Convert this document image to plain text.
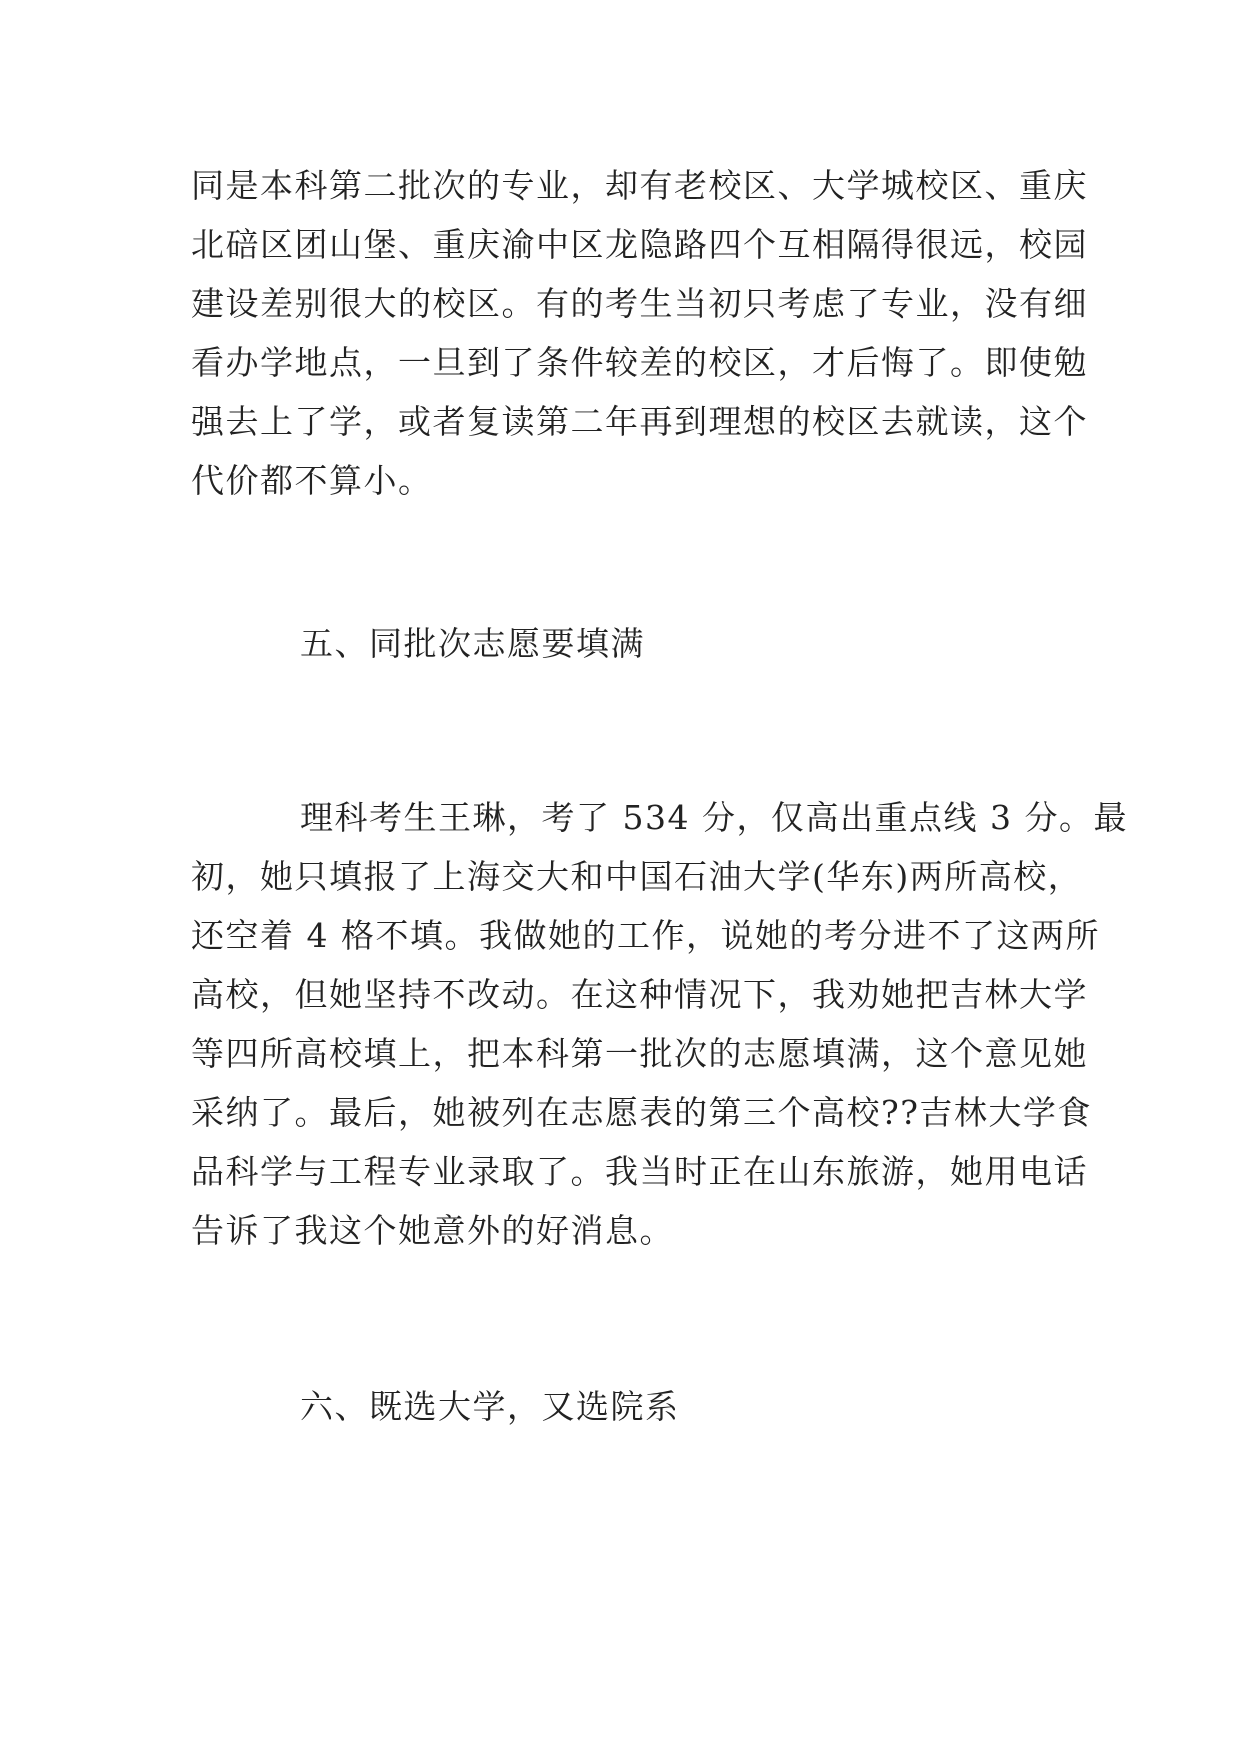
同是本科第二批次的专业，却有老校区、大学城校区、重庆
北碚区团山堡、重庆渝中区龙隐路四个互相隔得很远，校园
建设差别很大的校区。有的考生当初只考虑了专业，没有细
看办学地点，一旦到了条件较差的校区，才后悔了。即使勉
强去上了学，或者复读第二年再到理想的校区去就读，这个
代价都不算小。

五、同批次志愿要填满

理科考生王琳，考了 534 分，仅高出重点线 3 分。最
初，她只填报了上海交大和中国石油大学(华东)两所高校，
还空着 4 格不填。我做她的工作，说她的考分进不了这两所
高校，但她坚持不改动。在这种情况下，我劝她把吉林大学
等四所高校填上，把本科第一批次的志愿填满，这个意见她
采纳了。最后，她被列在志愿表的第三个高校??吉林大学食
品科学与工程专业录取了。我当时正在山东旅游，她用电话
告诉了我这个她意外的好消息。

六、既选大学，又选院系
